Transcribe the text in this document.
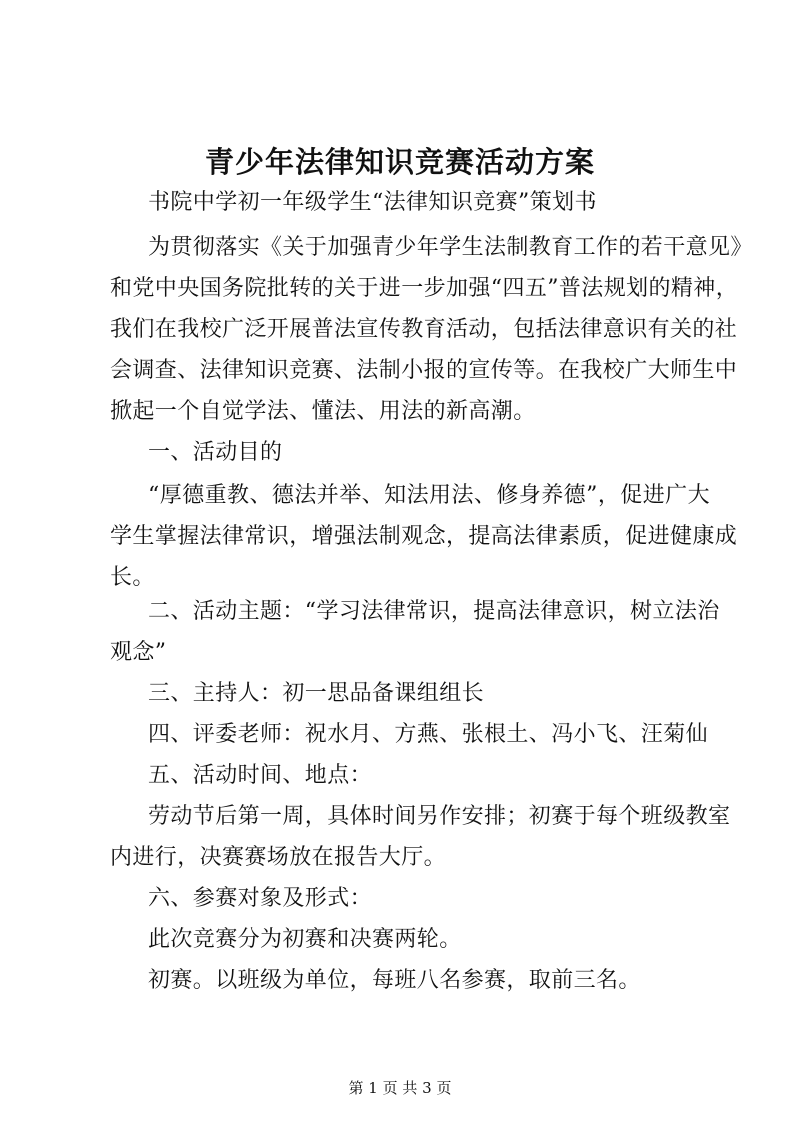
青少年法律知识竞赛活动方案
书院中学初一年级学生“法律知识竞赛”策划书
为贯彻落实《关于加强青少年学生法制教育工作的若干意见》
和党中央国务院批转的关于进一步加强“四五”普法规划的精神，
我们在我校广泛开展普法宣传教育活动，包括法律意识有关的社
会调查、法律知识竞赛、法制小报的宣传等。在我校广大师生中
掀起一个自觉学法、懂法、用法的新高潮。
一、活动目的
“厚德重教、德法并举、知法用法、修身养德”，促进广大
学生掌握法律常识，增强法制观念，提高法律素质，促进健康成
长。
二、活动主题：“学习法律常识，提高法律意识，树立法治
观念”
三、主持人：初一思品备课组组长
四、评委老师：祝水月、方燕、张根土、冯小飞、汪菊仙
五、活动时间、地点：
劳动节后第一周，具体时间另作安排；初赛于每个班级教室
内进行，决赛赛场放在报告大厅。
六、参赛对象及形式：
此次竞赛分为初赛和决赛两轮。
初赛。以班级为单位，每班八名参赛，取前三名。
第 1 页 共 3 页
